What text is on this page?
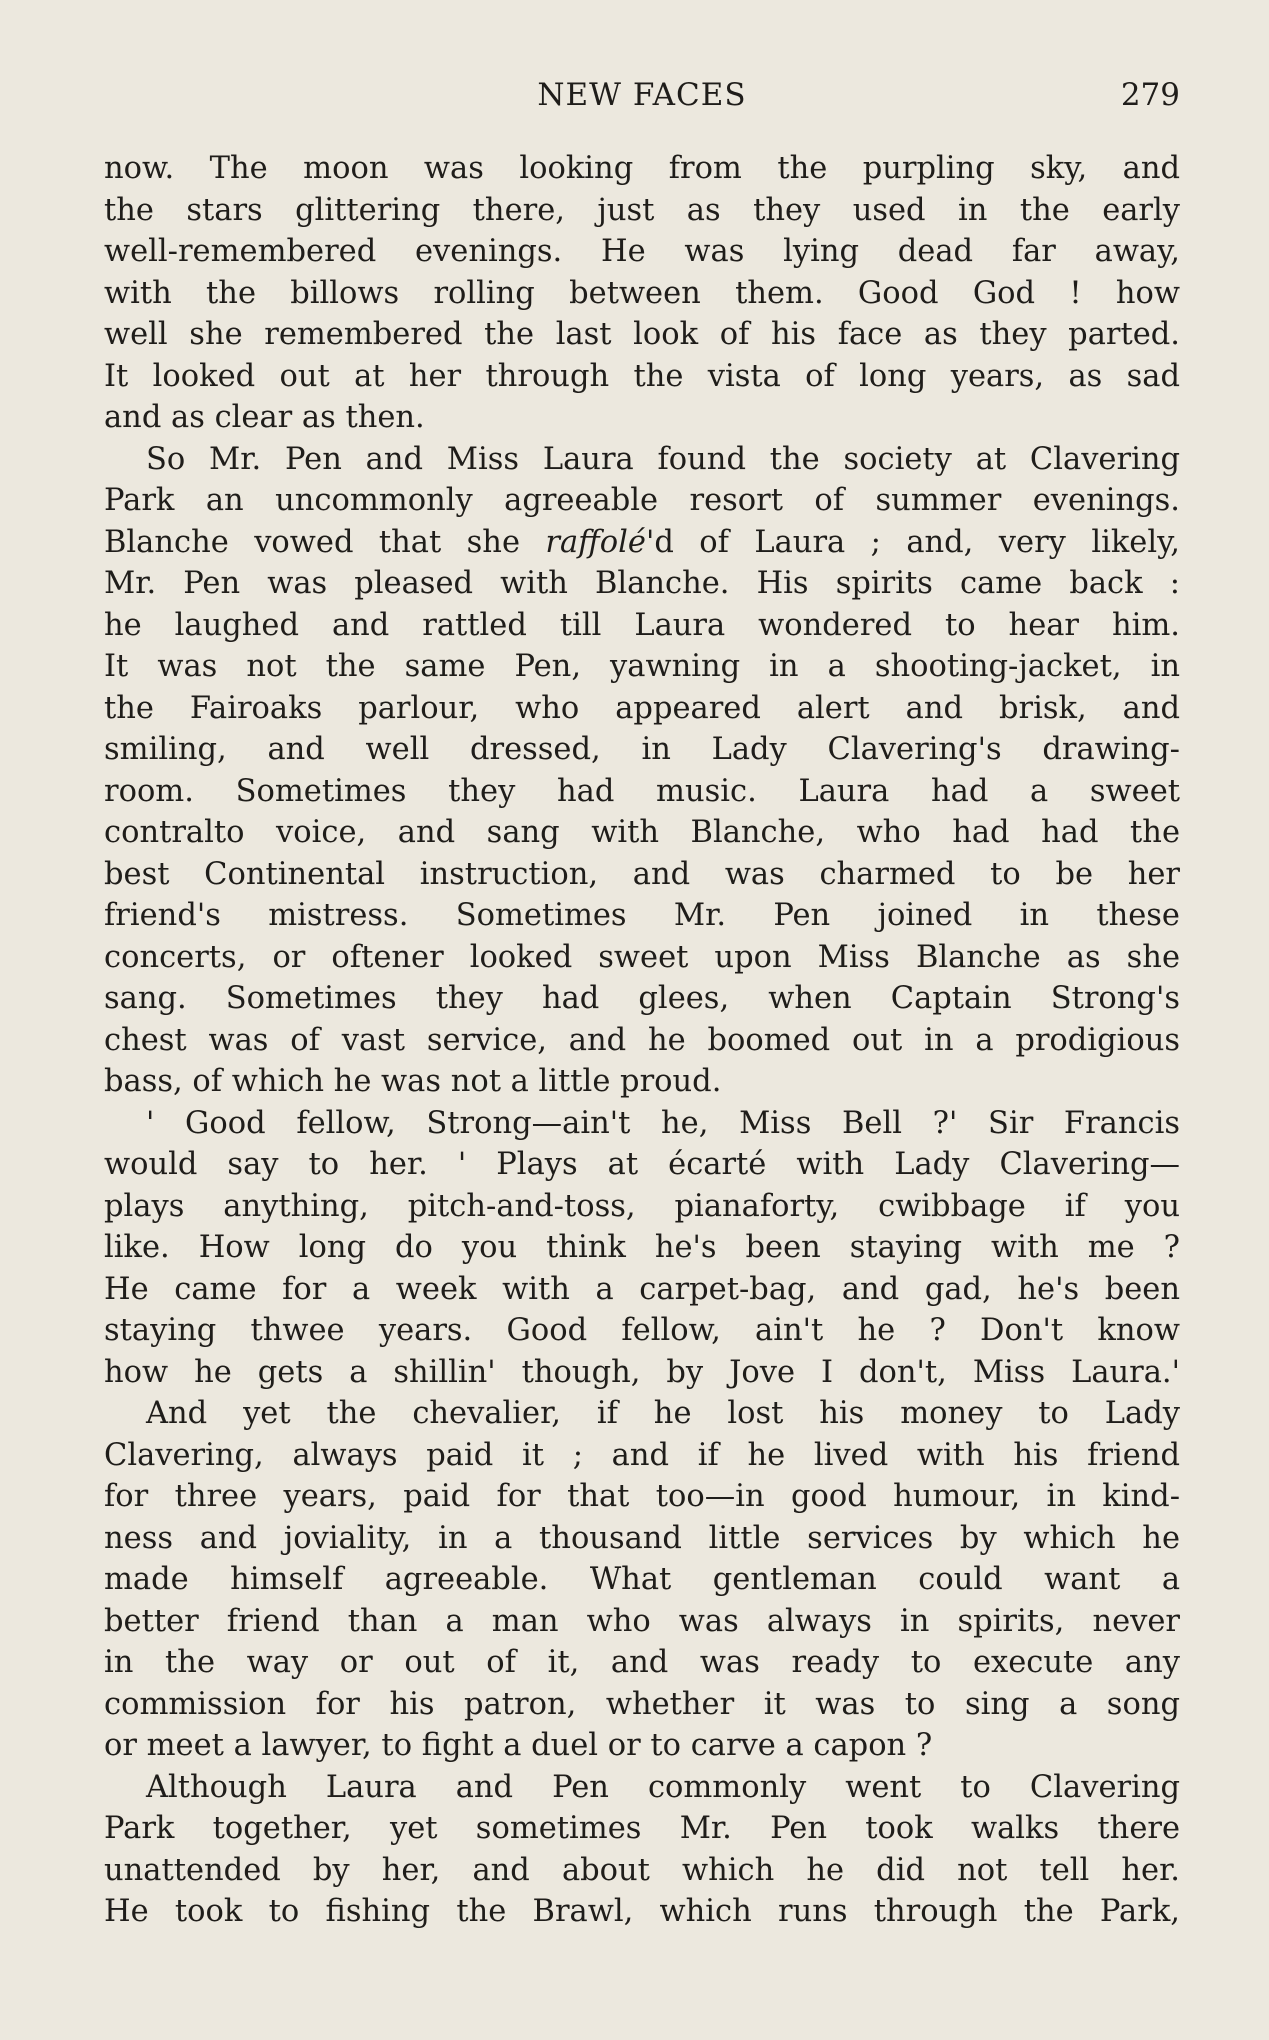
NEW FACES	279
now. The moon was looking from the purpling sky, and
the stars glittering there, just as they used in the early
well-remembered evenings. He was lying dead far away,
with the billows rolling between them. Good God ! how
well she remembered the last look of his face as they parted.
It looked out at her through the vista of long years, as sad
and as clear as then.
So Mr. Pen and Miss Laura found the society at Clavering
Park an uncommonly agreeable resort of summer evenings.
Blanche vowed that she raffolé'd of Laura ; and, very likely,
Mr. Pen was pleased with Blanche. His spirits came back :
he laughed and rattled till Laura wondered to hear him.
It was not the same Pen, yawning in a shooting-jacket, in
the Fairoaks parlour, who appeared alert and brisk, and
smiling, and well dressed, in Lady Clavering's drawing-
room. Sometimes they had music. Laura had a sweet
contralto voice, and sang with Blanche, who had had the
best Continental instruction, and was charmed to be her
friend's mistress. Sometimes Mr. Pen joined in these
concerts, or oftener looked sweet upon Miss Blanche as she
sang. Sometimes they had glees, when Captain Strong's
chest was of vast service, and he boomed out in a prodigious
bass, of which he was not a little proud.
' Good fellow, Strong—ain't he, Miss Bell ?' Sir Francis
would say to her. ' Plays at écarté with Lady Clavering—
plays anything, pitch-and-toss, pianaforty, cwibbage if you
like. How long do you think he's been staying with me ?
He came for a week with a carpet-bag, and gad, he's been
staying thwee years. Good fellow, ain't he ? Don't know
how he gets a shillin' though, by Jove I don't, Miss Laura.'
And yet the chevalier, if he lost his money to Lady
Clavering, always paid it ; and if he lived with his friend
for three years, paid for that too—in good humour, in kind-
ness and joviality, in a thousand little services by which he
made himself agreeable. What gentleman could want a
better friend than a man who was always in spirits, never
in the way or out of it, and was ready to execute any
commission for his patron, whether it was to sing a song
or meet a lawyer, to fight a duel or to carve a capon ?
Although Laura and Pen commonly went to Clavering
Park together, yet sometimes Mr. Pen took walks there
unattended by her, and about which he did not tell her.
He took to fishing the Brawl, which runs through the Park,
